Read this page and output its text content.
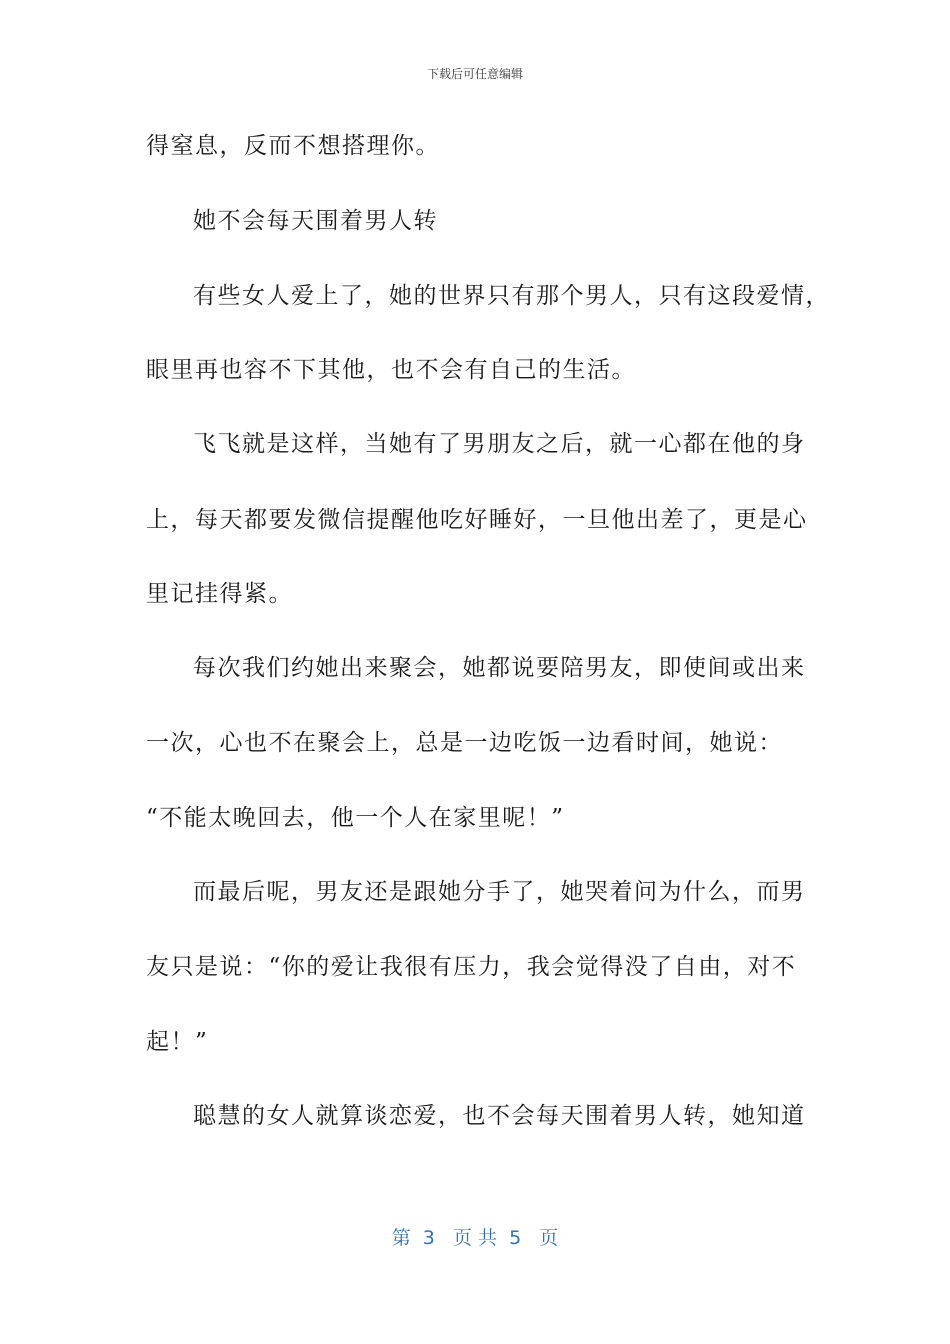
下载后可任意编辑
得窒息，反而不想搭理你。
她不会每天围着男人转
有些女人爱上了，她的世界只有那个男人，只有这段爱情，
眼里再也容不下其他，也不会有自己的生活。
飞飞就是这样，当她有了男朋友之后，就一心都在他的身
上，每天都要发微信提醒他吃好睡好，一旦他出差了，更是心
里记挂得紧。
每次我们约她出来聚会，她都说要陪男友，即使间或出来
一次，心也不在聚会上，总是一边吃饭一边看时间，她说：
“不能太晚回去，他一个人在家里呢！”
而最后呢，男友还是跟她分手了，她哭着问为什么，而男
友只是说：“你的爱让我很有压力，我会觉得没了自由，对不
起！”
聪慧的女人就算谈恋爱，也不会每天围着男人转，她知道
第  3   页 共  5   页
